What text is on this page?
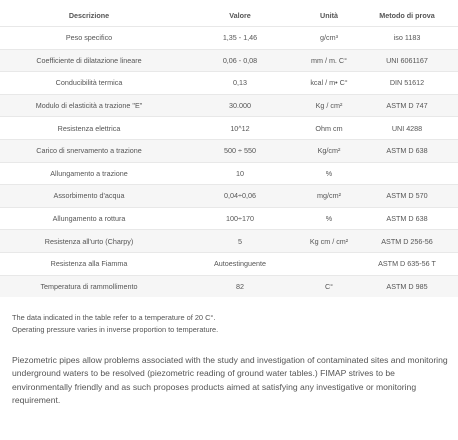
Descrizione	Valore	Unità	Metodo di prova
Peso specifico	1,35 - 1,46	g/cm³	iso 1183
Coefficiente di dilatazione lineare	0,06 - 0,08	mm / m. C°	UNI 6061167
Conducibilità termica	0,13	kcal / m• C°	DIN 51612
Modulo di elasticità a trazione "E"	30.000	Kg / cm²	ASTM D 747
Resistenza elettrica	10^12	Ohm cm	UNI 4288
Carico di snervamento a trazione	500 ÷ 550	Kg/cm²	ASTM D 638
Allungamento a trazione	10	%	
Assorbimento d'acqua	0,04÷0,06	mg/cm²	ASTM D 570
Allungamento a rottura	100÷170	%	ASTM D 638
Resistenza all'urto (Charpy)	5	Kg cm / cm²	ASTM D 256-56
Resistenza alla Fiamma	Autoestinguente		ASTM D 635-56 T
Temperatura di rammollimento	82	C°	ASTM D 985

The data indicated in the table refer to a temperature of 20 C°.

Operating pressure varies in inverse proportion to temperature.

Piezometric pipes allow problems associated with the study and investigation of contaminated sites and monitoring underground waters to be resolved (piezometric reading of ground water tables.) FIMAP strives to be environmentally friendly and as such proposes products aimed at satisfying any investigative or monitoring requirement.
